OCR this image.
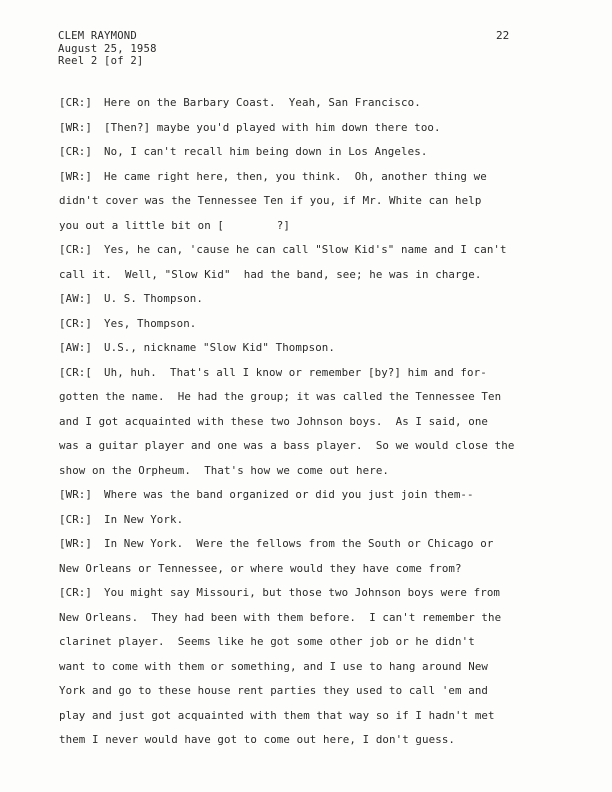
CLEM RAYMOND
August 25, 1958
Reel 2 [of 2]
22
[CR:] Here on the Barbary Coast.  Yeah, San Francisco.
[WR:] [Then?] maybe you'd played with him down there too.
[CR:] No, I can't recall him being down in Los Angeles.
[WR:] He came right here, then, you think.  Oh, another thing we
didn't cover was the Tennessee Ten if you, if Mr. White can help
you out a little bit on [        ?]
[CR:] Yes, he can, 'cause he can call "Slow Kid's" name and I can't
call it.  Well, "Slow Kid"  had the band, see; he was in charge.
[AW:] U. S. Thompson.
[CR:] Yes, Thompson.
[AW:] U.S., nickname "Slow Kid" Thompson.
[CR:[ Uh, huh.  That's all I know or remember [by?] him and for-
gotten the name.  He had the group; it was called the Tennessee Ten
and I got acquainted with these two Johnson boys.  As I said, one
was a guitar player and one was a bass player.  So we would close the
show on the Orpheum.  That's how we come out here.
[WR:] Where was the band organized or did you just join them--
[CR:] In New York.
[WR:] In New York.  Were the fellows from the South or Chicago or
New Orleans or Tennessee, or where would they have come from?
[CR:] You might say Missouri, but those two Johnson boys were from
New Orleans.  They had been with them before.  I can't remember the
clarinet player.  Seems like he got some other job or he didn't
want to come with them or something, and I use to hang around New
York and go to these house rent parties they used to call 'em and
play and just got acquainted with them that way so if I hadn't met
them I never would have got to come out here, I don't guess.
